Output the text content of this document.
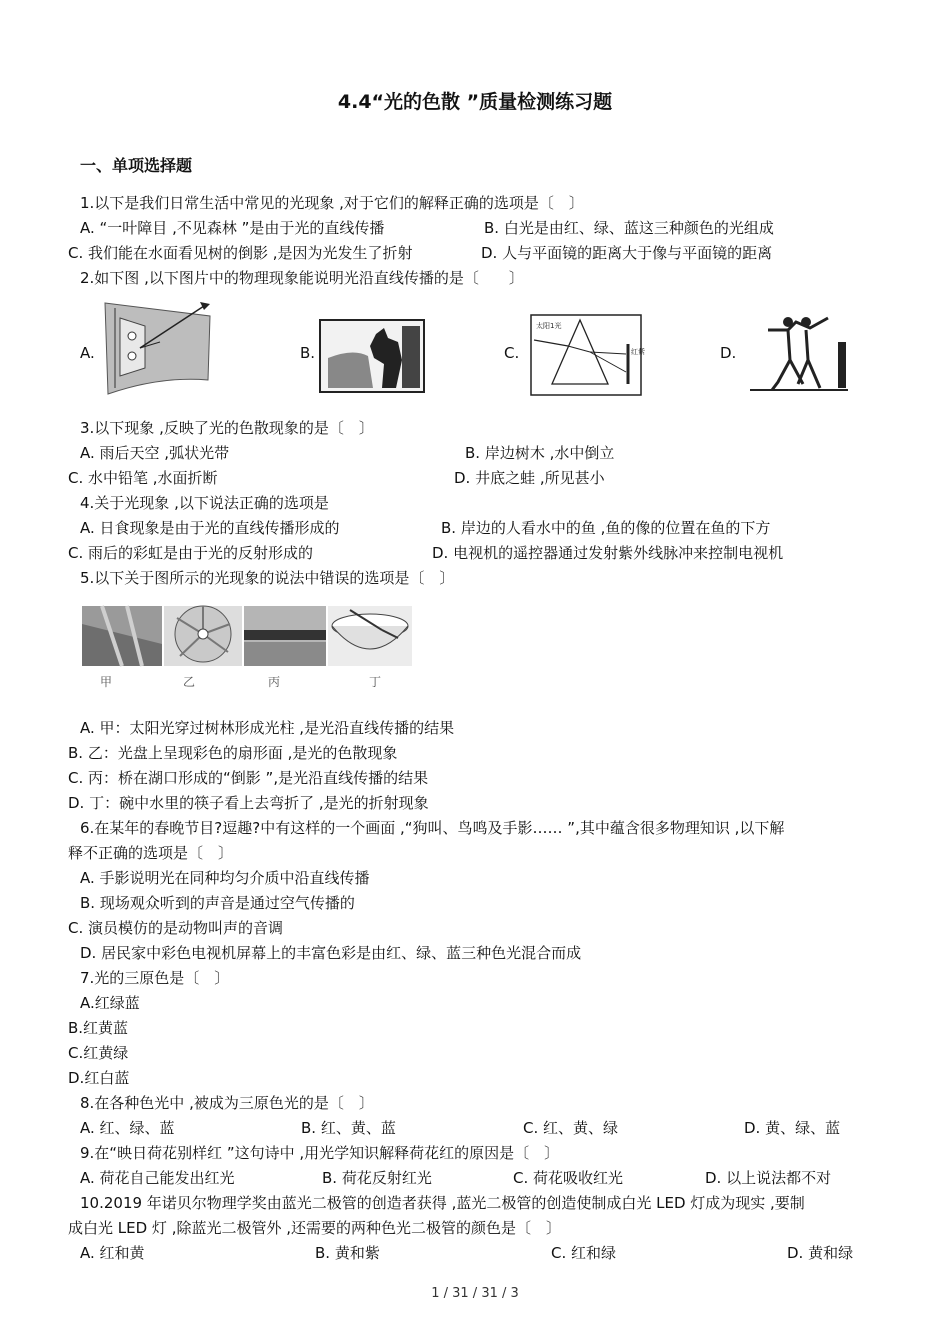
4.4“光的色散 ”质量检测练习题
一、单项选择题
1.以下是我们日常生活中常见的光现象 ,对于它们的解释正确的选项是〔　〕
A. “一叶障目 ,不见森林 ”是由于光的直线传播	B. 白光是由红、绿、蓝这三种颜色的光组成
C. 我们能在水面看见树的倒影 ,是因为光发生了折射	D. 人与平面镜的距离大于像与平面镜的距离
2.如下图 ,以下图片中的物理现象能说明光沿直线传播的是〔　　〕
A.	B.	C.	D.
太阳1光
红紫
3.以下现象 ,反映了光的色散现象的是〔　〕
A. 雨后天空 ,弧状光带	B. 岸边树木 ,水中倒立
C. 水中铅笔 ,水面折断	D. 井底之蛙 ,所见甚小
4.关于光现象 ,以下说法正确的选项是
A. 日食现象是由于光的直线传播形成的	B. 岸边的人看水中的鱼 ,鱼的像的位置在鱼的下方
C. 雨后的彩虹是由于光的反射形成的	D. 电视机的遥控器通过发射紫外线脉冲来控制电视机
5.以下关于图所示的光现象的说法中错误的选项是〔　〕
甲	乙	丙	丁
A. 甲：太阳光穿过树林形成光柱 ,是光沿直线传播的结果
B. 乙：光盘上呈现彩色的扇形面 ,是光的色散现象
C. 丙：桥在湖口形成的“倒影 ”,是光沿直线传播的结果
D. 丁：碗中水里的筷子看上去弯折了 ,是光的折射现象
6.在某年的春晚节目?逗趣?中有这样的一个画面 ,“狗叫、鸟鸣及手影…… ”,其中蕴含很多物理知识 ,以下解
释不正确的选项是〔　〕
A. 手影说明光在同种均匀介质中沿直线传播
B. 现场观众听到的声音是通过空气传播的
C. 演员模仿的是动物叫声的音调
D. 居民家中彩色电视机屏幕上的丰富色彩是由红、绿、蓝三种色光混合而成
7.光的三原色是〔　〕
A.红绿蓝
B.红黄蓝
C.红黄绿
D.红白蓝
8.在各种色光中 ,被成为三原色光的是〔　〕
A. 红、绿、蓝	B. 红、黄、蓝	C. 红、黄、绿	D. 黄、绿、蓝
9.在“映日荷花别样红 ”这句诗中 ,用光学知识解释荷花红的原因是〔　〕
A. 荷花自己能发出红光	B. 荷花反射红光	C. 荷花吸收红光	D. 以上说法都不对
10.2019 年诺贝尔物理学奖由蓝光二极管的创造者获得 ,蓝光二极管的创造使制成白光 LED 灯成为现实 ,要制
成白光 LED 灯 ,除蓝光二极管外 ,还需要的两种色光二极管的颜色是〔　〕
A. 红和黄	B. 黄和紫	C. 红和绿	D. 黄和绿
1 / 31 / 31 / 3
